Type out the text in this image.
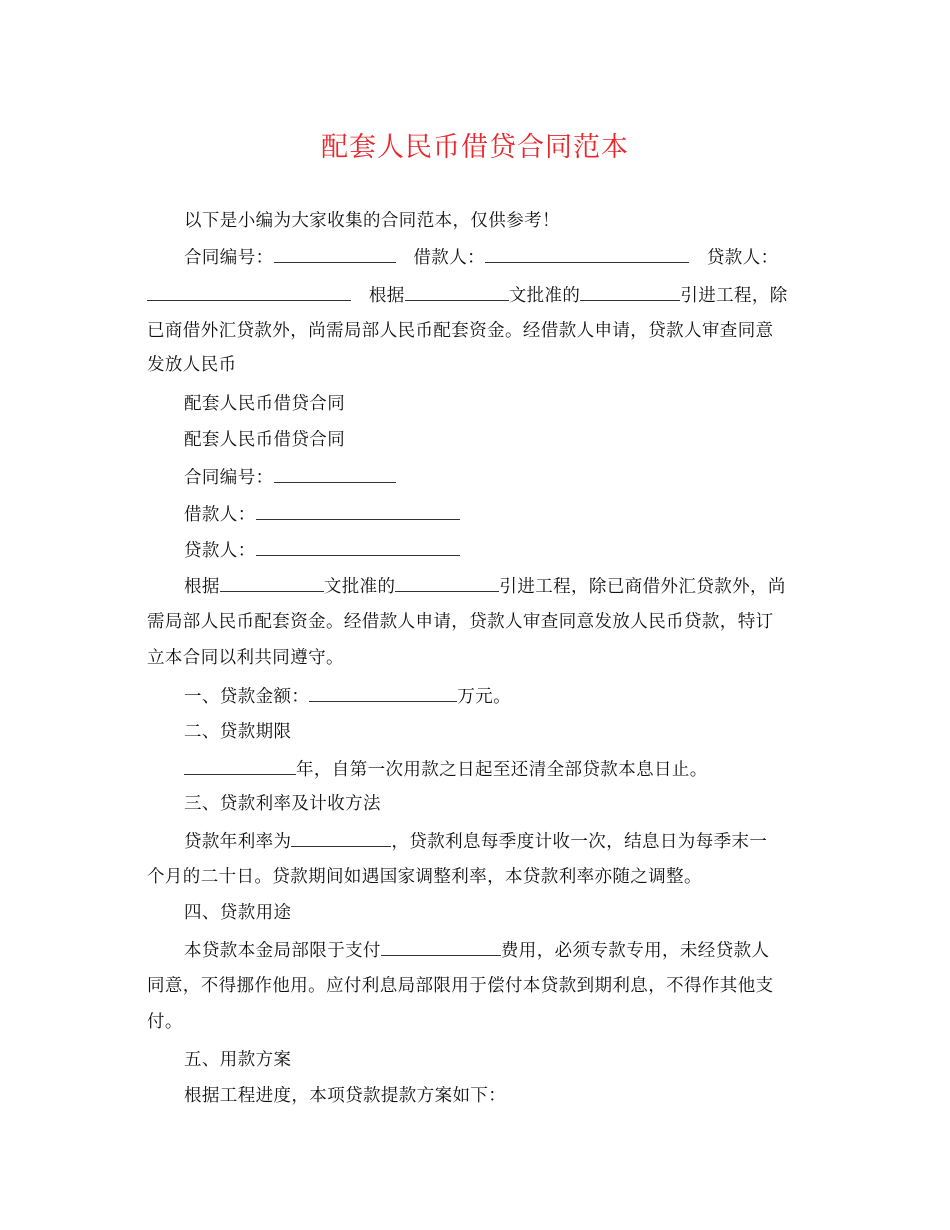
配套人民币借贷合同范本
以下是小编为大家收集的合同范本，仅供参考！
合同编号：	借款人：	贷款人：
根据	文批准的	引进工程，除
已商借外汇贷款外，尚需局部人民币配套资金。经借款人申请，贷款人审查同意
发放人民币
配套人民币借贷合同
配套人民币借贷合同
合同编号：
借款人：
贷款人：
根据	文批准的	引进工程，除已商借外汇贷款外，尚
需局部人民币配套资金。经借款人申请，贷款人审查同意发放人民币贷款，特订
立本合同以利共同遵守。
一、贷款金额：	万元。
二、贷款期限
年，自第一次用款之日起至还清全部贷款本息日止。
三、贷款利率及计收方法
贷款年利率为	，贷款利息每季度计收一次，结息日为每季末一
个月的二十日。贷款期间如遇国家调整利率，本贷款利率亦随之调整。
四、贷款用途
本贷款本金局部限于支付	费用，必须专款专用，未经贷款人
同意，不得挪作他用。应付利息局部限用于偿付本贷款到期利息，不得作其他支
付。
五、用款方案
根据工程进度，本项贷款提款方案如下：
